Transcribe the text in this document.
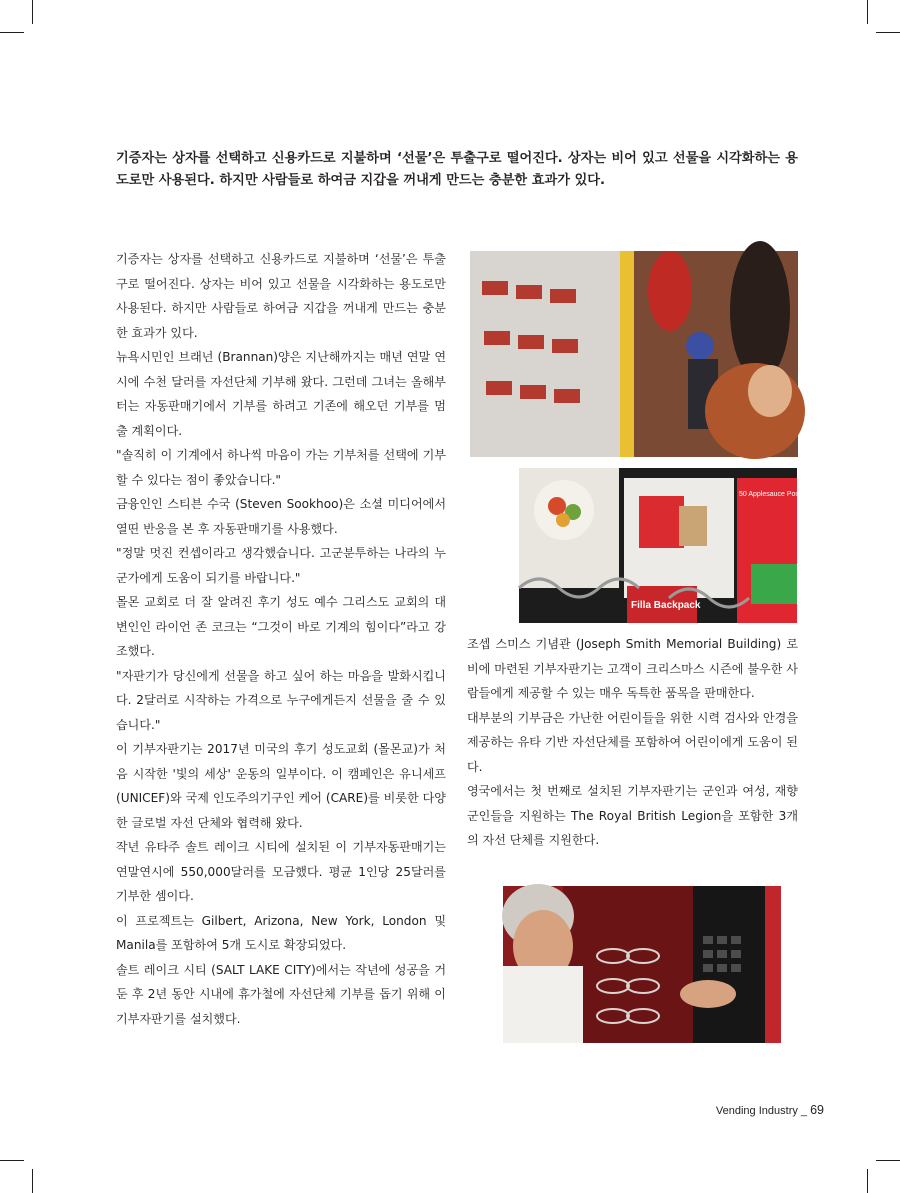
기증자는 상자를 선택하고 신용카드로 지불하며 ‘선물’은 투출구로 떨어진다. 상자는 비어 있고 선물을 시각화하는 용도로만 사용된다. 하지만 사람들로 하여금 지갑을 꺼내게 만드는 충분한 효과가 있다.

기증자는 상자를 선택하고 신용카드로 지불하며 ‘선물’은 투출구로 떨어진다. 상자는 비어 있고 선물을 시각화하는 용도로만 사용된다. 하지만 사람들로 하여금 지갑을 꺼내게 만드는 충분한 효과가 있다.

뉴욕시민인 브래넌 (Brannan)양은 지난해까지는 매년 연말 연시에 수천 달러를 자선단체 기부해 왔다. 그런데 그녀는 올해부터는 자동판매기에서 기부를 하려고 기존에 해오던 기부를 멈출 계획이다.

"솔직히 이 기계에서 하나씩 마음이 가는 기부처를 선택에 기부할 수 있다는 점이 좋았습니다."

금융인인 스티븐 수국 (Steven Sookhoo)은 소셜 미디어에서 열띤 반응을 본 후 자동판매기를 사용했다.

"정말 멋진 컨셉이라고 생각했습니다. 고군분투하는 나라의 누군가에게 도움이 되기를 바랍니다."

몰몬 교회로 더 잘 알려진 후기 성도 예수 그리스도 교회의 대변인인 라이언 존 코크는 “그것이 바로 기계의 힘이다”라고 강조했다.

"자판기가 당신에게 선물을 하고 싶어 하는 마음을 발화시킵니다. 2달러로 시작하는 가격으로 누구에게든지 선물을 줄 수 있습니다."

이 기부자판기는 2017년 미국의 후기 성도교회 (몰몬교)가 처음 시작한 '빛의 세상' 운동의 일부이다. 이 캠페인은 유니세프 (UNICEF)와 국제 인도주의기구인 케어 (CARE)를 비롯한 다양한 글로벌 자선 단체와 협력해 왔다.

작년 유타주 솔트 레이크 시티에 설치된 이 기부자동판매기는 연말연시에 550,000달러를 모금했다. 평균 1인당 25달러를 기부한 셈이다.

이 프로젝트는 Gilbert, Arizona, New York, London 및 Manila를 포함하여 5개 도시로 확장되었다.

솔트 레이크 시티 (SALT LAKE CITY)에서는 작년에 성공을 거둔 후 2년 동안 시내에 휴가철에 자선단체 기부를 돕기 위해 이 기부자판기를 설치했다.

조셉 스미스 기념관 (Joseph Smith Memorial Building) 로비에 마련된 기부자판기는 고객이 크리스마스 시즌에 불우한 사람들에게 제공할 수 있는 매우 독특한 품목을 판매한다.

대부분의 기부금은 가난한 어린이들을 위한 시력 검사와 안경을 제공하는 유타 기반 자선단체를 포함하여 어린이에게 도움이 된다.

영국에서는 첫 번째로 설치된 기부자판기는 군인과 여성, 재향 군인들을 지원하는 The Royal British Legion을 포함한 3개의 자선 단체를 지원한다.

Filla Backpack
50 Applesauce Pouches
Vending Industry _ 69
